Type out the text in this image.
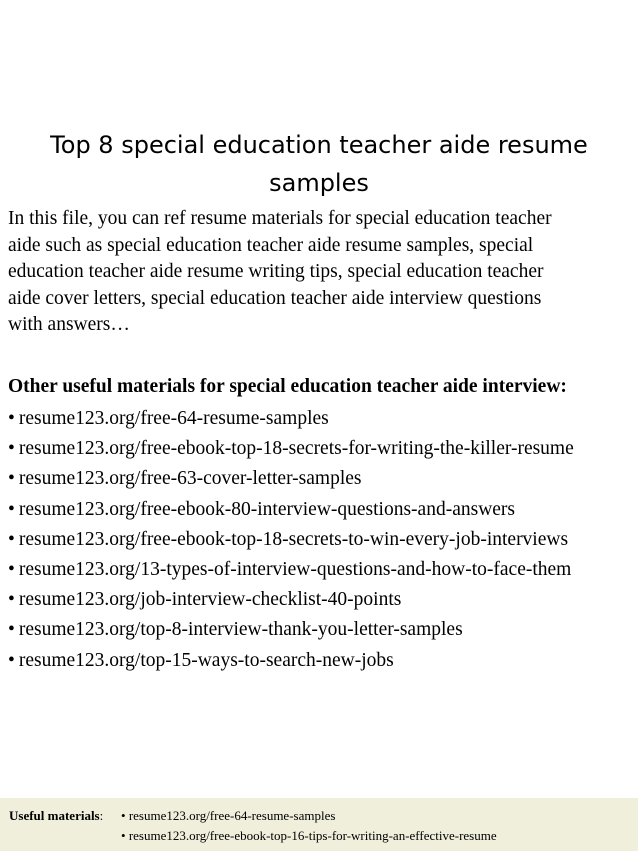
Top 8 special education teacher aide resume
samples
In this file, you can ref resume materials for special education teacher
aide such as special education teacher aide resume samples, special
education teacher aide resume writing tips, special education teacher
aide cover letters, special education teacher aide interview questions
with answers…
Other useful materials for special education teacher aide interview:
• resume123.org/free-64-resume-samples
• resume123.org/free-ebook-top-18-secrets-for-writing-the-killer-resume
• resume123.org/free-63-cover-letter-samples
• resume123.org/free-ebook-80-interview-questions-and-answers
• resume123.org/free-ebook-top-18-secrets-to-win-every-job-interviews
• resume123.org/13-types-of-interview-questions-and-how-to-face-them
• resume123.org/job-interview-checklist-40-points
• resume123.org/top-8-interview-thank-you-letter-samples
• resume123.org/top-15-ways-to-search-new-jobs
Useful materials: • resume123.org/free-64-resume-samples
• resume123.org/free-ebook-top-16-tips-for-writing-an-effective-resume
